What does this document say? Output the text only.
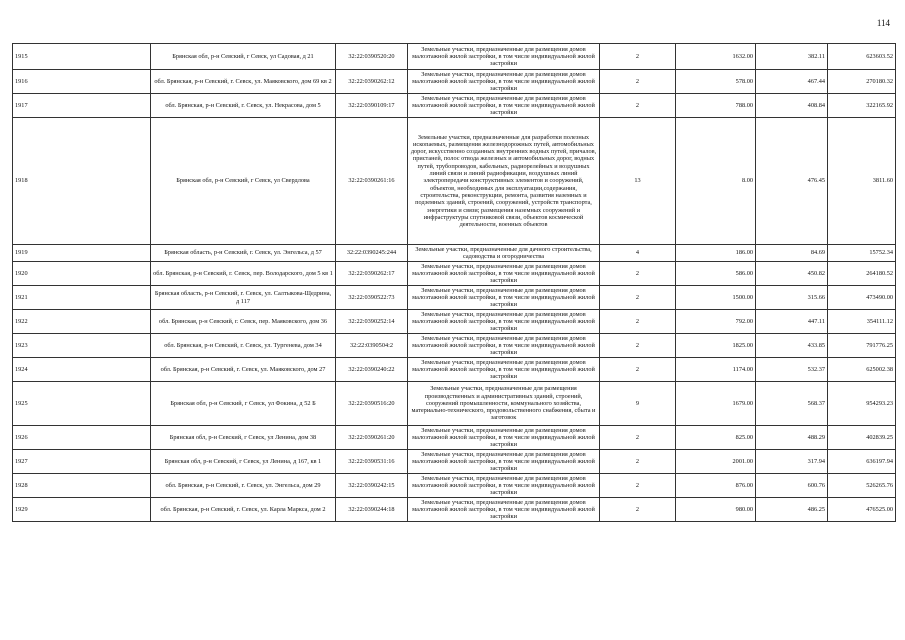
114
1915	Брянская обл, р-н Севский, г Севск, ул Садовая, д 21	32:22:0390520:20	Земельные участки, предназначенные для размещения домов малоэтажной жилой застройки, в том числе индивидуальной жилой застройки	2	1632.00	382.11	623603.52
1916	обл. Брянская, р-н Севский, г. Севск, ул. Маяковского, дом 69 кв 2	32:22:0390262:12	Земельные участки, предназначенные для размещения домов малоэтажной жилой застройки, в том числе индивидуальной жилой застройки	2	578.00	467.44	270180.32
1917	обл. Брянская, р-н Севский, г. Севск, ул. Некрасова, дом 5	32:22:0390109:17	Земельные участки, предназначенные для размещения домов малоэтажной жилой застройки, в том числе индивидуальной жилой застройки	2	788.00	408.84	322165.92
1918	Брянская обл, р-н Севский, г Севск, ул Свердлова	32:22:0390261:16	Земельные участки, предназначенные для разработки полезных ископаемых, размещения железнодорожных путей, автомобильных дорог, искусственно созданных внутренних водных путей, причалов, пристаней, полос отвода железных и автомобильных дорог, водных путей, трубопроводов, кабельных, радиорелейных и воздушных линий связи и линий радиофикации, воздушных линий электропередачи конструктивных элементов и сооружений, объектов, необходимых для эксплуатации,содержания, строительства, реконструкции, ремонта, развития наземных и подземных зданий, строений, сооружений, устройств транспорта, энергетики и связи; размещения наземных сооружений и инфраструктуры спутниковой связи, объектов космической деятельности, военных объектов	13	8.00	476.45	3811.60
1919	Брянская область, р-н Севский, г. Севск, ул. Энгельса, д 57	32:22:0390245:244	Земельные участки, предназначенные для дачного строительства, садоводства и огородничества	4	186.00	84.69	15752.34
1920	обл. Брянская, р-н Севский, г. Севск, пер. Володарского, дом 5 кв 1	32:22:0390262:17	Земельные участки, предназначенные для размещения домов малоэтажной жилой застройки, в том числе индивидуальной жилой застройки	2	586.00	450.82	264180.52
1921	Брянская область, р-н Севский, г. Севск, ул. Салтыкова-Щедрина, д 117	32:22:0390522:73	Земельные участки, предназначенные для размещения домов малоэтажной жилой застройки, в том числе индивидуальной жилой застройки	2	1500.00	315.66	473490.00
1922	обл. Брянская, р-н Севский, г. Севск, пер. Маяковского, дом 36	32:22:0390252:14	Земельные участки, предназначенные для размещения домов малоэтажной жилой застройки, в том числе индивидуальной жилой застройки	2	792.00	447.11	354111.12
1923	обл. Брянская, р-н Севский, г. Севск, ул. Тургенева, дом 34	32:22:0390504:2	Земельные участки, предназначенные для размещения домов малоэтажной жилой застройки, в том числе индивидуальной жилой застройки	2	1825.00	433.85	791776.25
1924	обл. Брянская, р-н Севский, г. Севск, ул. Маяковского, дом 27	32:22:0390240:22	Земельные участки, предназначенные для размещения домов малоэтажной жилой застройки, в том числе индивидуальной жилой застройки	2	1174.00	532.37	625002.38
1925	Брянская обл, р-н Севский, г Севск, ул Фокина, д 52 Б	32:22:0390516:20	Земельные участки, предназначенные для размещения производственных и административных зданий, строений, сооружений промышленности, коммунального хозяйства, материально-технического, продовольственного снабжения, сбыта и заготовок	9	1679.00	568.37	954293.23
1926	Брянская обл, р-н Севский, г Севск, ул Ленина, дом 38	32:22:0390261:20	Земельные участки, предназначенные для размещения домов малоэтажной жилой застройки, в том числе индивидуальной жилой застройки	2	825.00	488.29	402839.25
1927	Брянская обл, р-н Севский, г Севск, ул Ленина, д 167, кв 1	32:22:0390531:16	Земельные участки, предназначенные для размещения домов малоэтажной жилой застройки, в том числе индивидуальной жилой застройки	2	2001.00	317.94	636197.94
1928	обл. Брянская, р-н Севский, г. Севск, ул. Энгельса, дом 29	32:22:0390242:15	Земельные участки, предназначенные для размещения домов малоэтажной жилой застройки, в том числе индивидуальной жилой застройки	2	876.00	600.76	526265.76
1929	обл. Брянская, р-н Севский, г. Севск, ул. Карла Маркса, дом 2	32:22:0390244:18	Земельные участки, предназначенные для размещения домов малоэтажной жилой застройки, в том числе индивидуальной жилой застройки	2	980.00	486.25	476525.00
